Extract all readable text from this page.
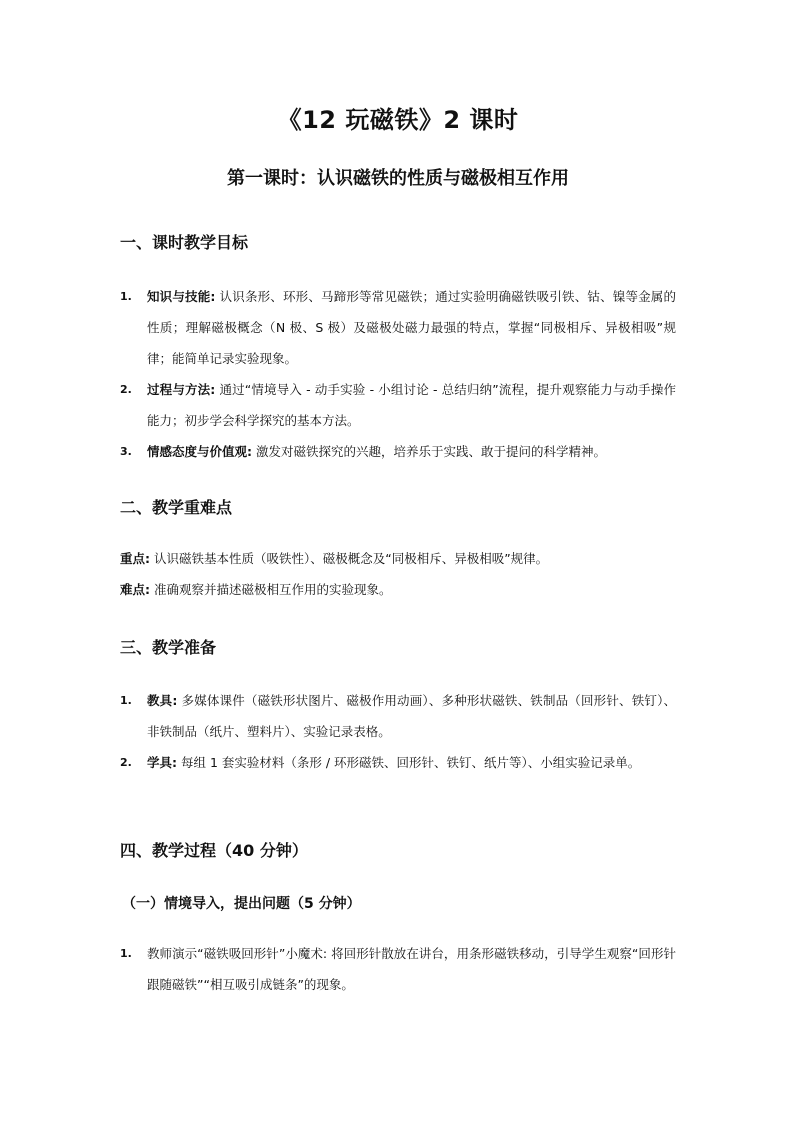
《12 玩磁铁》2 课时
第一课时：认识磁铁的性质与磁极相互作用
一、课时教学目标
1. 知识与技能: 认识条形、环形、马蹄形等常见磁铁；通过实验明确磁铁吸引铁、钴、镍等金属的性质；理解磁极概念（N 极、S 极）及磁极处磁力最强的特点，掌握“同极相斥、异极相吸”规律；能简单记录实验现象。
2. 过程与方法: 通过“情境导入 - 动手实验 - 小组讨论 - 总结归纳”流程，提升观察能力与动手操作能力；初步学会科学探究的基本方法。
3. 情感态度与价值观: 激发对磁铁探究的兴趣，培养乐于实践、敢于提问的科学精神。
二、教学重难点
重点: 认识磁铁基本性质（吸铁性）、磁极概念及“同极相斥、异极相吸”规律。
难点: 准确观察并描述磁极相互作用的实验现象。
三、教学准备
1. 教具: 多媒体课件（磁铁形状图片、磁极作用动画）、多种形状磁铁、铁制品（回形针、铁钉）、非铁制品（纸片、塑料片）、实验记录表格。
2. 学具: 每组 1 套实验材料（条形 / 环形磁铁、回形针、铁钉、纸片等）、小组实验记录单。
四、教学过程（40 分钟）
（一）情境导入，提出问题（5 分钟）
1. 教师演示“磁铁吸回形针”小魔术: 将回形针散放在讲台，用条形磁铁移动，引导学生观察“回形针跟随磁铁”“相互吸引成链条”的现象。
